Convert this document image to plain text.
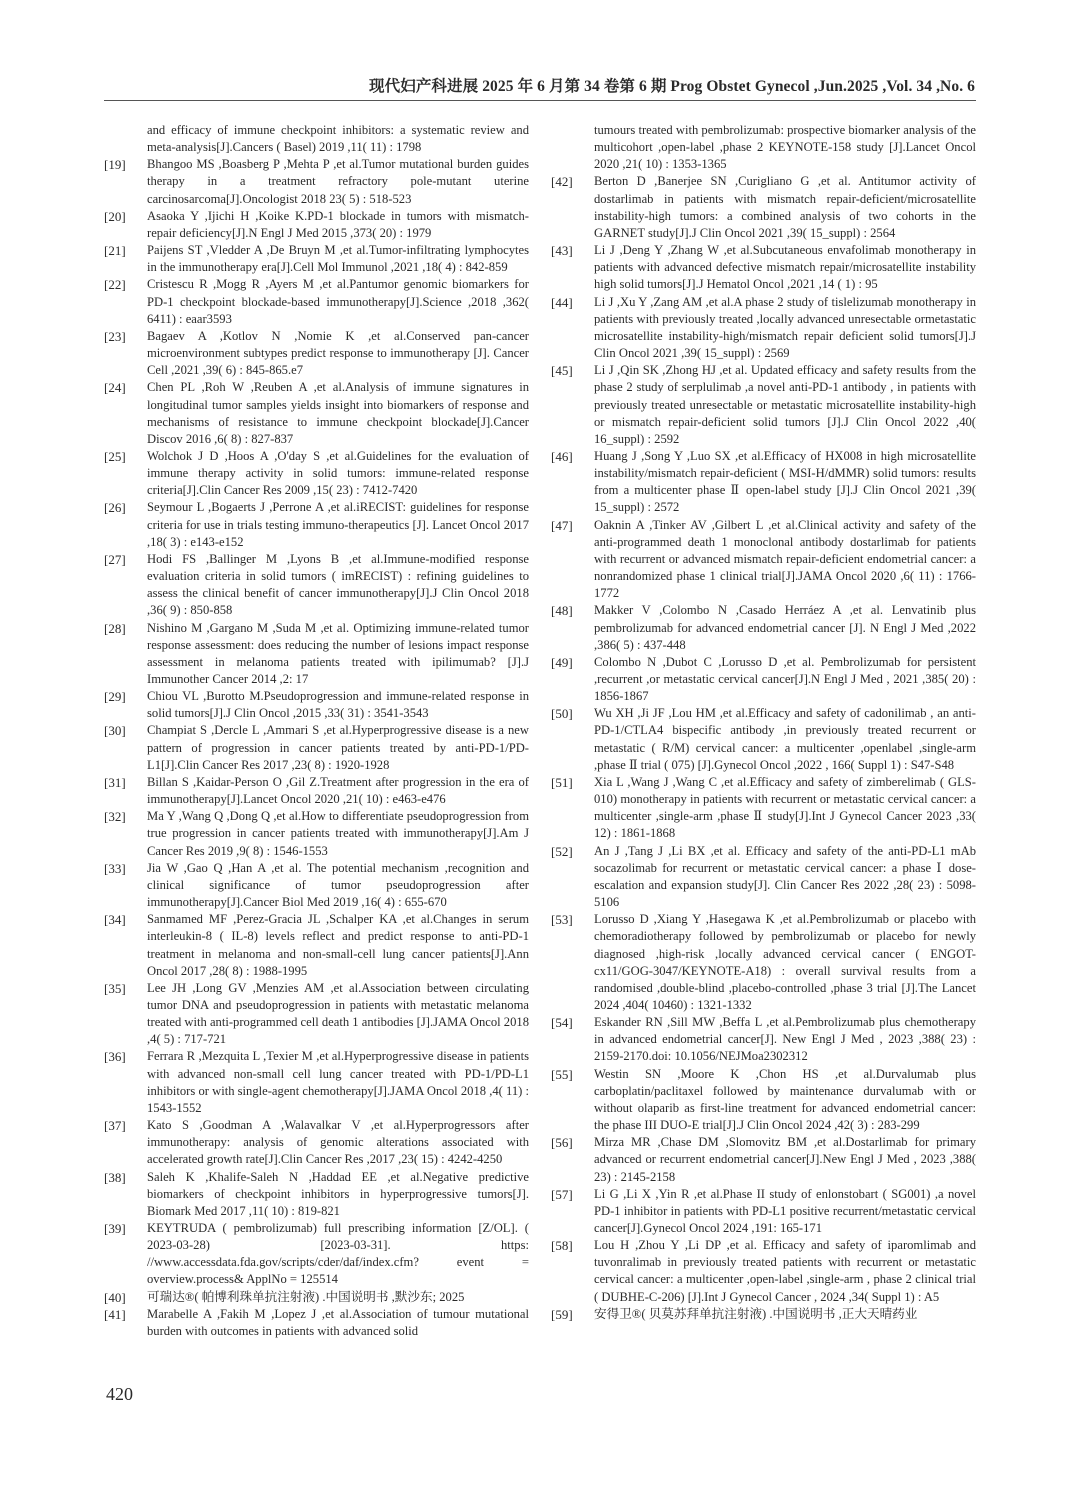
现代妇产科进展 2025 年 6 月第 34 卷第 6 期 Prog Obstet Gynecol ,Jun.2025 ,Vol. 34 ,No. 6
and efficacy of immune checkpoint inhibitors: a systematic review and meta-analysis[J].Cancers ( Basel) 2019 ,11( 11) : 1798
[19]	Bhangoo MS ,Boasberg P ,Mehta P ,et al.Tumor mutational burden guides therapy in a treatment refractory pole-mutant uterine carcinosarcoma[J].Oncologist 2018 23( 5) : 518-523
[20]	Asaoka Y ,Ijichi H ,Koike K.PD-1 blockade in tumors with mismatch-repair deficiency[J].N Engl J Med 2015 ,373( 20) : 1979
[21]	Paijens ST ,Vledder A ,De Bruyn M ,et al.Tumor-infiltrating lymphocytes in the immunotherapy era[J].Cell Mol Immunol ,2021 ,18( 4) : 842-859
[22]	Cristescu R ,Mogg R ,Ayers M ,et al.Pantumor genomic biomarkers for PD-1 checkpoint blockade-based immunotherapy[J].Science ,2018 ,362( 6411) : eaar3593
[23]	Bagaev A ,Kotlov N ,Nomie K ,et al.Conserved pan-cancer microenvironment subtypes predict response to immunotherapy [J]. Cancer Cell ,2021 ,39( 6) : 845-865.e7
[24]	Chen PL ,Roh W ,Reuben A ,et al.Analysis of immune signatures in longitudinal tumor samples yields insight into biomarkers of response and mechanisms of resistance to immune checkpoint blockade[J].Cancer Discov 2016 ,6( 8) : 827-837
[25]	Wolchok J D ,Hoos A ,O'day S ,et al.Guidelines for the evaluation of immune therapy activity in solid tumors: immune-related response criteria[J].Clin Cancer Res 2009 ,15( 23) : 7412-7420
[26]	Seymour L ,Bogaerts J ,Perrone A ,et al.iRECIST: guidelines for response criteria for use in trials testing immuno-therapeutics [J]. Lancet Oncol 2017 ,18( 3) : e143-e152
[27]	Hodi FS ,Ballinger M ,Lyons B ,et al.Immune-modified response evaluation criteria in solid tumors ( imRECIST) : refining guidelines to assess the clinical benefit of cancer immunotherapy[J].J Clin Oncol 2018 ,36( 9) : 850-858
[28]	Nishino M ,Gargano M ,Suda M ,et al. Optimizing immune-related tumor response assessment: does reducing the number of lesions impact response assessment in melanoma patients treated with ipilimumab? [J].J Immunother Cancer 2014 ,2: 17
[29]	Chiou VL ,Burotto M.Pseudoprogression and immune-related response in solid tumors[J].J Clin Oncol ,2015 ,33( 31) : 3541-3543
[30]	Champiat S ,Dercle L ,Ammari S ,et al.Hyperprogressive disease is a new pattern of progression in cancer patients treated by anti-PD-1/PD-L1[J].Clin Cancer Res 2017 ,23( 8) : 1920-1928
[31]	Billan S ,Kaidar-Person O ,Gil Z.Treatment after progression in the era of immunotherapy[J].Lancet Oncol 2020 ,21( 10) : e463-e476
[32]	Ma Y ,Wang Q ,Dong Q ,et al.How to differentiate pseudoprogression from true progression in cancer patients treated with immunotherapy[J].Am J Cancer Res 2019 ,9( 8) : 1546-1553
[33]	Jia W ,Gao Q ,Han A ,et al. The potential mechanism ,recognition and clinical significance of tumor pseudoprogression after immunotherapy[J].Cancer Biol Med 2019 ,16( 4) : 655-670
[34]	Sanmamed MF ,Perez-Gracia JL ,Schalper KA ,et al.Changes in serum interleukin-8 ( IL-8) levels reflect and predict response to anti-PD-1 treatment in melanoma and non-small-cell lung cancer patients[J].Ann Oncol 2017 ,28( 8) : 1988-1995
[35]	Lee JH ,Long GV ,Menzies AM ,et al.Association between circulating tumor DNA and pseudoprogression in patients with metastatic melanoma treated with anti-programmed cell death 1 antibodies [J].JAMA Oncol 2018 ,4( 5) : 717-721
[36]	Ferrara R ,Mezquita L ,Texier M ,et al.Hyperprogressive disease in patients with advanced non-small cell lung cancer treated with PD-1/PD-L1 inhibitors or with single-agent chemotherapy[J].JAMA Oncol 2018 ,4( 11) : 1543-1552
[37]	Kato S ,Goodman A ,Walavalkar V ,et al.Hyperprogressors after immunotherapy: analysis of genomic alterations associated with accelerated growth rate[J].Clin Cancer Res ,2017 ,23( 15) : 4242-4250
[38]	Saleh K ,Khalife-Saleh N ,Haddad EE ,et al.Negative predictive biomarkers of checkpoint inhibitors in hyperprogressive tumors[J]. Biomark Med 2017 ,11( 10) : 819-821
[39]	KEYTRUDA ( pembrolizumab) full prescribing information [Z/OL]. ( 2023-03-28) [2023-03-31]. https: //www.accessdata.fda.gov/scripts/cder/daf/index.cfm? event = overview.process& ApplNo = 125514
[40]	可瑞达®( 帕博利珠单抗注射液) .中国说明书 ,默沙东; 2025
[41]	Marabelle A ,Fakih M ,Lopez J ,et al.Association of tumour mutational burden with outcomes in patients with advanced solid
tumours treated with pembrolizumab: prospective biomarker analysis of the multicohort ,open-label ,phase 2 KEYNOTE-158 study [J].Lancet Oncol 2020 ,21( 10) : 1353-1365
[42]	Berton D ,Banerjee SN ,Curigliano G ,et al. Antitumor activity of dostarlimab in patients with mismatch repair-deficient/microsatellite instability-high tumors: a combined analysis of two cohorts in the GARNET study[J].J Clin Oncol 2021 ,39( 15_suppl) : 2564
[43]	Li J ,Deng Y ,Zhang W ,et al.Subcutaneous envafolimab monotherapy in patients with advanced defective mismatch repair/microsatellite instability high solid tumors[J].J Hematol Oncol ,2021 ,14 ( 1) : 95
[44]	Li J ,Xu Y ,Zang AM ,et al.A phase 2 study of tislelizumab monotherapy in patients with previously treated ,locally advanced unresectable ormetastatic microsatellite instability-high/mismatch repair deficient solid tumors[J].J Clin Oncol 2021 ,39( 15_suppl) : 2569
[45]	Li J ,Qin SK ,Zhong HJ ,et al. Updated efficacy and safety results from the phase 2 study of serplulimab ,a novel anti-PD-1 antibody , in patients with previously treated unresectable or metastatic microsatellite instability-high or mismatch repair-deficient solid tumors [J].J Clin Oncol 2022 ,40( 16_suppl) : 2592
[46]	Huang J ,Song Y ,Luo SX ,et al.Efficacy of HX008 in high microsatellite instability/mismatch repair-deficient ( MSI-H/dMMR) solid tumors: results from a multicenter phase Ⅱ open-label study [J].J Clin Oncol 2021 ,39( 15_suppl) : 2572
[47]	Oaknin A ,Tinker AV ,Gilbert L ,et al.Clinical activity and safety of the anti-programmed death 1 monoclonal antibody dostarlimab for patients with recurrent or advanced mismatch repair-deficient endometrial cancer: a nonrandomized phase 1 clinical trial[J].JAMA Oncol 2020 ,6( 11) : 1766-1772
[48]	Makker V ,Colombo N ,Casado Herráez A ,et al. Lenvatinib plus pembrolizumab for advanced endometrial cancer [J]. N Engl J Med ,2022 ,386( 5) : 437-448
[49]	Colombo N ,Dubot C ,Lorusso D ,et al. Pembrolizumab for persistent ,recurrent ,or metastatic cervical cancer[J].N Engl J Med , 2021 ,385( 20) : 1856-1867
[50]	Wu XH ,Ji JF ,Lou HM ,et al.Efficacy and safety of cadonilimab , an anti-PD-1/CTLA4 bispecific antibody ,in previously treated recurrent or metastatic ( R/M) cervical cancer: a multicenter ,openlabel ,single-arm ,phase Ⅱ trial ( 075) [J].Gynecol Oncol ,2022 , 166( Suppl 1) : S47-S48
[51]	Xia L ,Wang J ,Wang C ,et al.Efficacy and safety of zimberelimab ( GLS-010) monotherapy in patients with recurrent or metastatic cervical cancer: a multicenter ,single-arm ,phase Ⅱ study[J].Int J Gynecol Cancer 2023 ,33( 12) : 1861-1868
[52]	An J ,Tang J ,Li BX ,et al. Efficacy and safety of the anti-PD-L1 mAb socazolimab for recurrent or metastatic cervical cancer: a phase Ⅰ dose-escalation and expansion study[J]. Clin Cancer Res 2022 ,28( 23) : 5098-5106
[53]	Lorusso D ,Xiang Y ,Hasegawa K ,et al.Pembrolizumab or placebo with chemoradiotherapy followed by pembrolizumab or placebo for newly diagnosed ,high-risk ,locally advanced cervical cancer ( ENGOT-cx11/GOG-3047/KEYNOTE-A18) : overall survival results from a randomised ,double-blind ,placebo-controlled ,phase 3 trial [J].The Lancet 2024 ,404( 10460) : 1321-1332
[54]	Eskander RN ,Sill MW ,Beffa L ,et al.Pembrolizumab plus chemotherapy in advanced endometrial cancer[J]. New Engl J Med , 2023 ,388( 23) : 2159-2170.doi: 10.1056/NEJMoa2302312
[55]	Westin SN ,Moore K ,Chon HS ,et al.Durvalumab plus carboplatin/paclitaxel followed by maintenance durvalumab with or without olaparib as first-line treatment for advanced endometrial cancer: the phase III DUO-E trial[J].J Clin Oncol 2024 ,42( 3) : 283-299
[56]	Mirza MR ,Chase DM ,Slomovitz BM ,et al.Dostarlimab for primary advanced or recurrent endometrial cancer[J].New Engl J Med , 2023 ,388( 23) : 2145-2158
[57]	Li G ,Li X ,Yin R ,et al.Phase II study of enlonstobart ( SG001) ,a novel PD-1 inhibitor in patients with PD-L1 positive recurrent/metastatic cervical cancer[J].Gynecol Oncol 2024 ,191: 165-171
[58]	Lou H ,Zhou Y ,Li DP ,et al. Efficacy and safety of iparomlimab and tuvonralimab in previously treated patients with recurrent or metastatic cervical cancer: a multicenter ,open-label ,single-arm , phase 2 clinical trial ( DUBHE-C-206) [J].Int J Gynecol Cancer , 2024 ,34( Suppl 1) : A5
[59]	安得卫®( 贝莫苏拜单抗注射液) .中国说明书 ,正大天晴药业
420
